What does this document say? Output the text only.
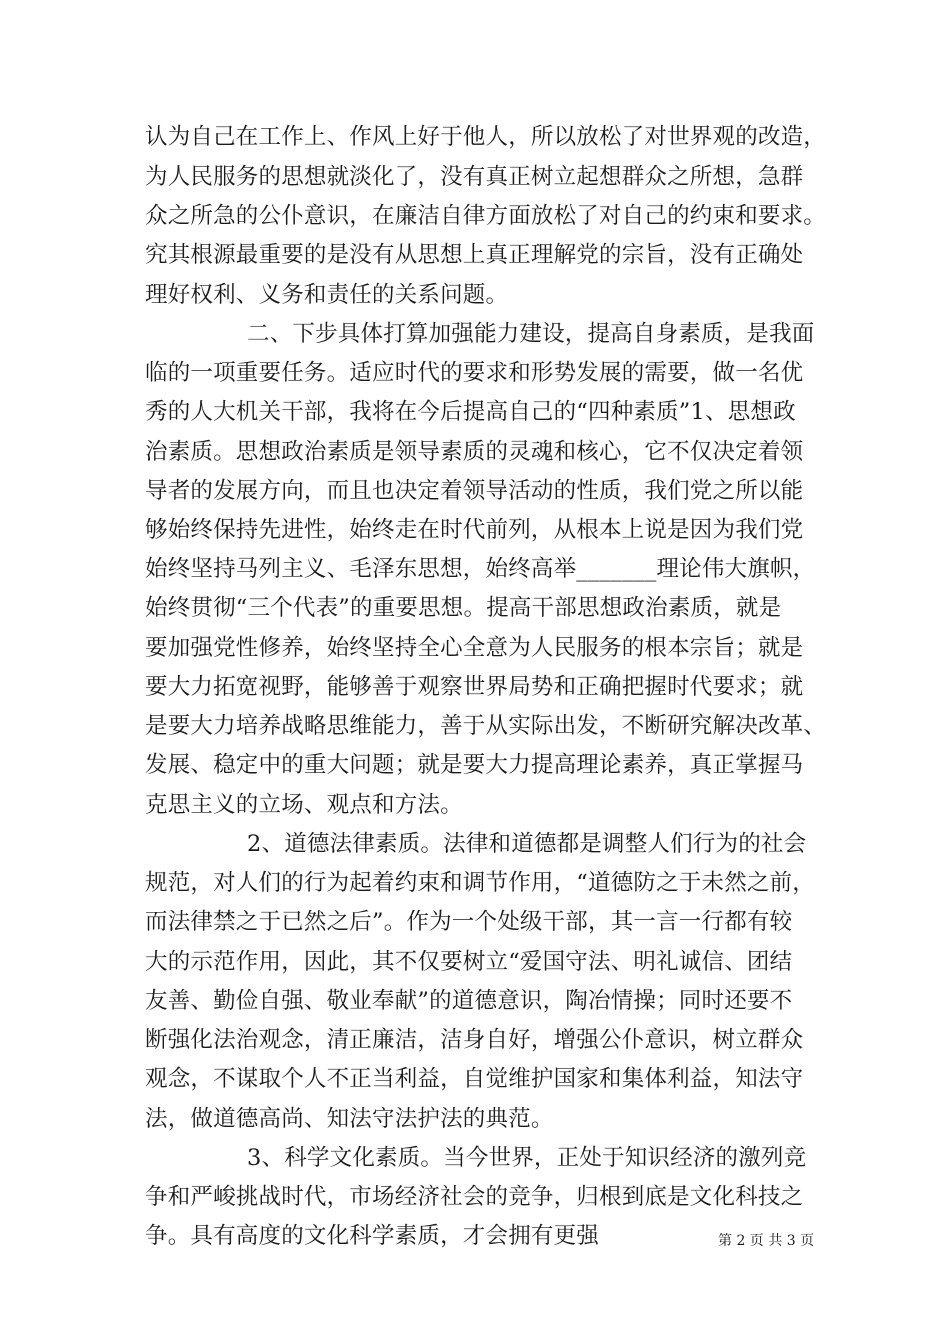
认为自己在工作上、作风上好于他人，所以放松了对世界观的改造，
为人民服务的思想就淡化了，没有真正树立起想群众之所想，急群
众之所急的公仆意识，在廉洁自律方面放松了对自己的约束和要求。
究其根源最重要的是没有从思想上真正理解党的宗旨，没有正确处
理好权利、义务和责任的关系问题。
二、下步具体打算加强能力建设，提高自身素质，是我面
临的一项重要任务。适应时代的要求和形势发展的需要，做一名优
秀的人大机关干部，我将在今后提高自己的“四种素质”1、思想政
治素质。思想政治素质是领导素质的灵魂和核心，它不仅决定着领
导者的发展方向，而且也决定着领导活动的性质，我们党之所以能
够始终保持先进性，始终走在时代前列，从根本上说是因为我们党
始终坚持马列主义、毛泽东思想，始终高举_______理论伟大旗帜，
始终贯彻“三个代表”的重要思想。提高干部思想政治素质，就是
要加强党性修养，始终坚持全心全意为人民服务的根本宗旨；就是
要大力拓宽视野，能够善于观察世界局势和正确把握时代要求；就
是要大力培养战略思维能力，善于从实际出发，不断研究解决改革、
发展、稳定中的重大问题；就是要大力提高理论素养，真正掌握马
克思主义的立场、观点和方法。
2、道德法律素质。法律和道德都是调整人们行为的社会
规范，对人们的行为起着约束和调节作用，“道德防之于未然之前，
而法律禁之于已然之后”。作为一个处级干部，其一言一行都有较
大的示范作用，因此，其不仅要树立“爱国守法、明礼诚信、团结
友善、勤俭自强、敬业奉献”的道德意识，陶冶情操；同时还要不
断强化法治观念，清正廉洁，洁身自好，增强公仆意识，树立群众
观念，不谋取个人不正当利益，自觉维护国家和集体利益，知法守
法，做道德高尚、知法守法护法的典范。
3、科学文化素质。当今世界，正处于知识经济的激列竞
争和严峻挑战时代，市场经济社会的竞争，归根到底是文化科技之
争。具有高度的文化科学素质，才会拥有更强	第 2 页 共 3 页
